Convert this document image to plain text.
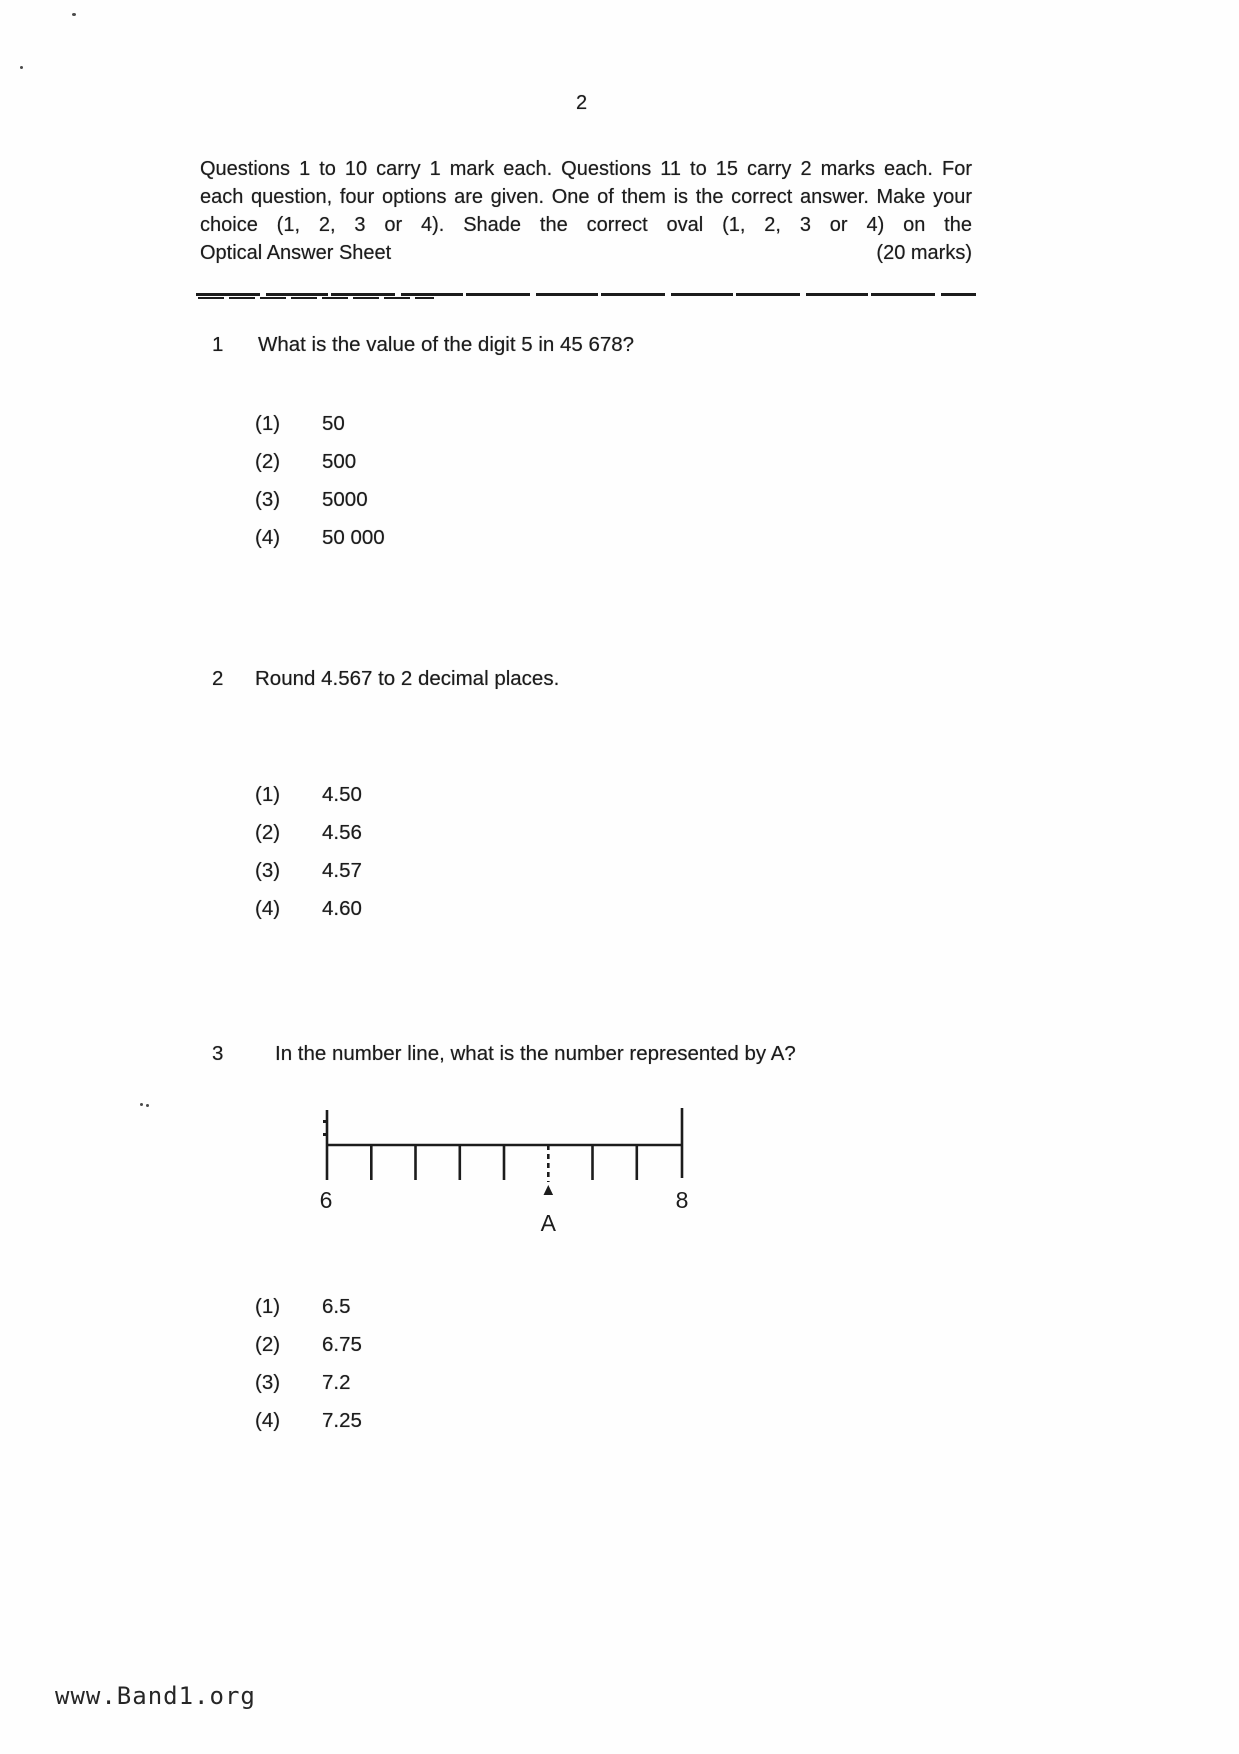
2
Questions 1 to 10 carry 1 mark each. Questions 11 to 15 carry 2 marks each. For
each question, four options are given. One of them is the correct answer. Make your
choice (1, 2, 3 or 4). Shade the correct oval (1, 2, 3 or 4) on the
Optical Answer Sheet	(20 marks)
1 What is the value of the digit 5 in 45 678?
(1)	50
(2)	500
(3)	5000
(4)	50 000
2 Round 4.567 to 2 decimal places.
(1)	4.50
(2)	4.56
(3)	4.57
(4)	4.60
3	In the number line, what is the number represented by A?
6	8
A
(1)	6.5
(2)	6.75
(3)	7.2
(4)	7.25
www.Band1.org
